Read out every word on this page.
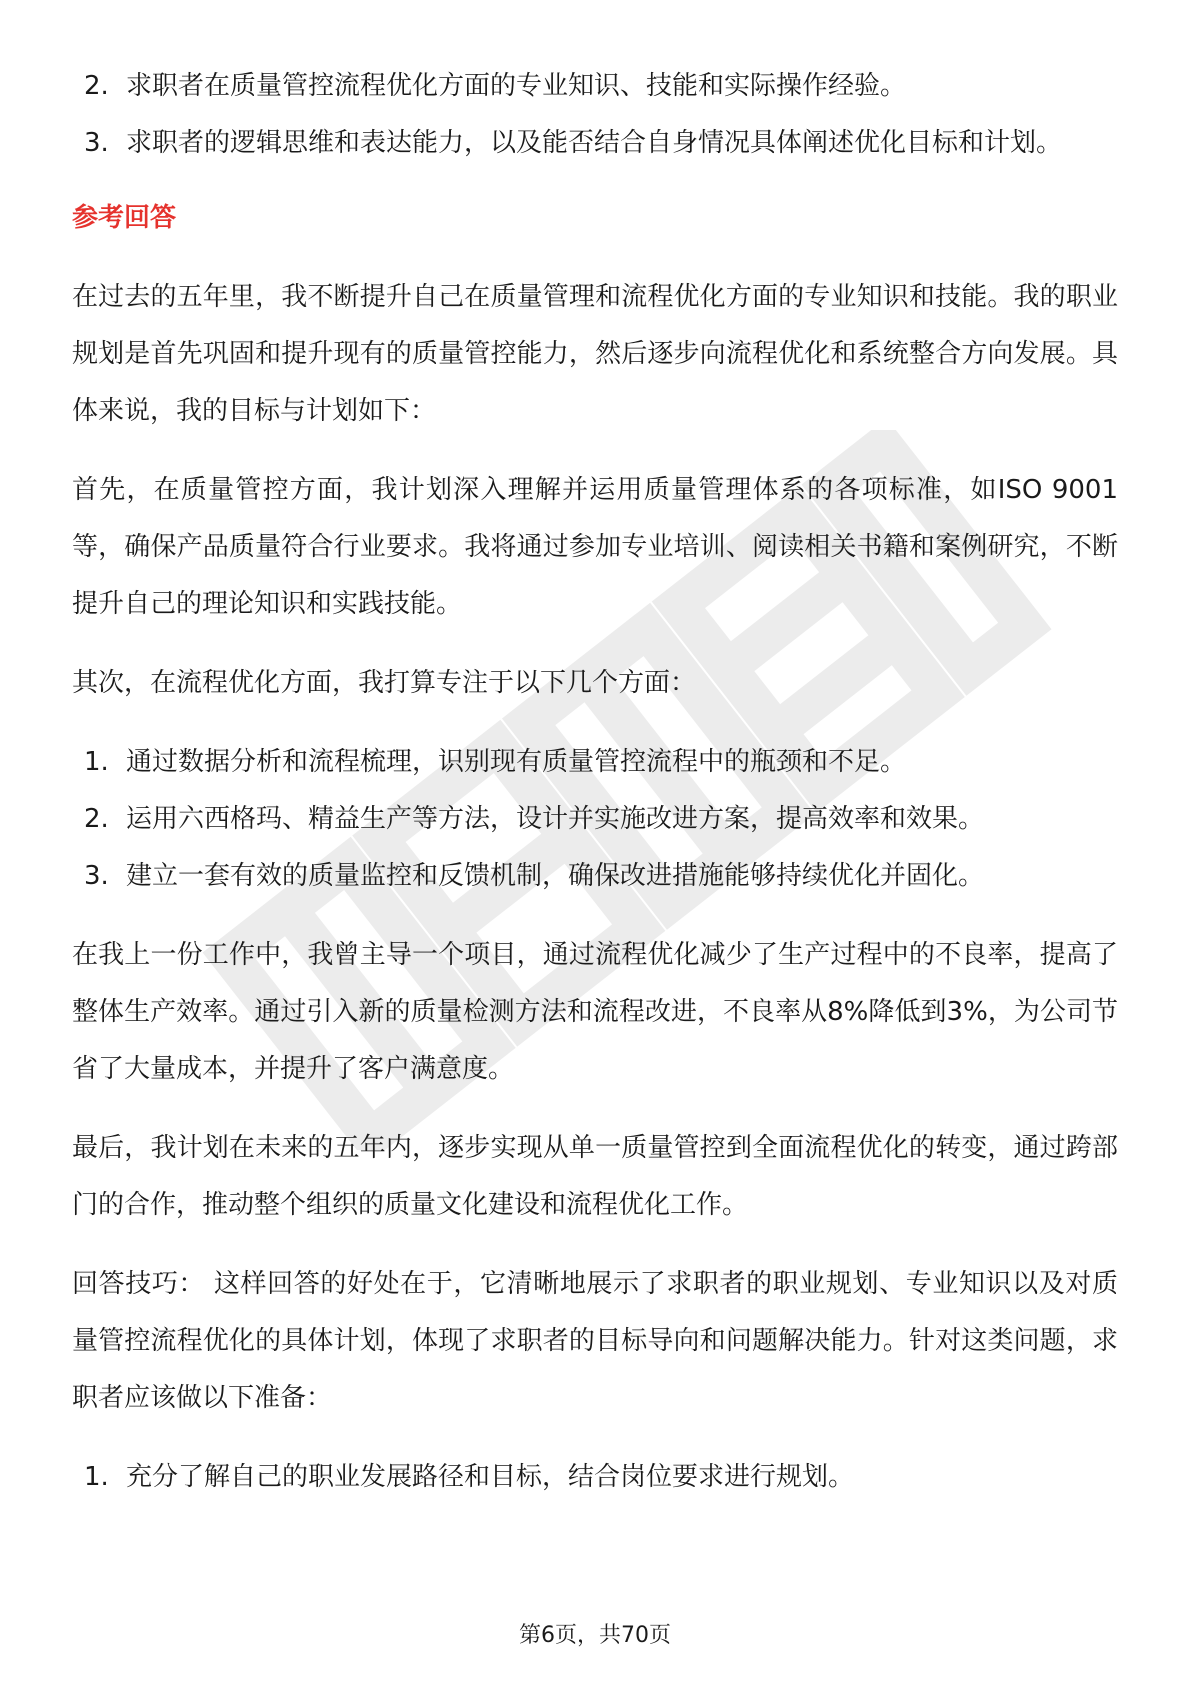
2. 求职者在质量管控流程优化方面的专业知识、技能和实际操作经验。
3. 求职者的逻辑思维和表达能力，以及能否结合自身情况具体阐述优化目标和计划。

参考回答

在过去的五年里，我不断提升自己在质量管理和流程优化方面的专业知识和技能。我的职业规划是首先巩固和提升现有的质量管控能力，然后逐步向流程优化和系统整合方向发展。具体来说，我的目标与计划如下：

首先，在质量管控方面，我计划深入理解并运用质量管理体系的各项标准，如ISO 9001等，确保产品质量符合行业要求。我将通过参加专业培训、阅读相关书籍和案例研究，不断提升自己的理论知识和实践技能。

其次，在流程优化方面，我打算专注于以下几个方面：

1. 通过数据分析和流程梳理，识别现有质量管控流程中的瓶颈和不足。
2. 运用六西格玛、精益生产等方法，设计并实施改进方案，提高效率和效果。
3. 建立一套有效的质量监控和反馈机制，确保改进措施能够持续优化并固化。

在我上一份工作中，我曾主导一个项目，通过流程优化减少了生产过程中的不良率，提高了整体生产效率。通过引入新的质量检测方法和流程改进，不良率从8%降低到3%，为公司节省了大量成本，并提升了客户满意度。

最后，我计划在未来的五年内，逐步实现从单一质量管控到全面流程优化的转变，通过跨部门的合作，推动整个组织的质量文化建设和流程优化工作。

回答技巧： 这样回答的好处在于，它清晰地展示了求职者的职业规划、专业知识以及对质量管控流程优化的具体计划，体现了求职者的目标导向和问题解决能力。针对这类问题，求职者应该做以下准备：

1. 充分了解自己的职业发展路径和目标，结合岗位要求进行规划。
第6页，共70页
